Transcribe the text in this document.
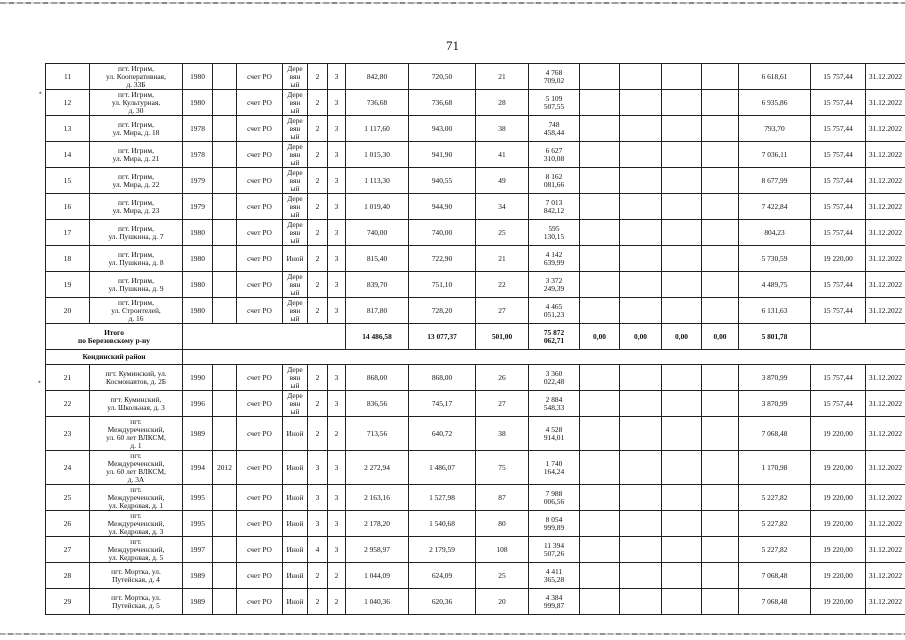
•
•
71
11	пгт. Игрим,
ул. Кооперативная,
д. 33Б	1980		счет РО	Дере
вян
ый	2	3	842,80	720,50	21	4 768
709,02					6 618,61	15 757,44	31.12.2022
12	пгт. Игрим,
ул. Культурная,
д. 30	1980		счет РО	Дере
вян
ый	2	3	736,68	736,68	28	5 109
507,55					6 935,86	15 757,44	31.12.2022
13	пгт. Игрим,
ул. Мира, д. 18	1978		счет РО	Дере
вян
ый	2	3	1 117,60	943,00	38	748
458,44					793,70	15 757,44	31.12.2022
14	пгт. Игрим,
ул. Мира, д. 21	1978		счет РО	Дере
вян
ый	2	3	1 015,30	941,90	41	6 627
310,08					7 036,11	15 757,44	31.12.2022
15	пгт. Игрим,
ул. Мира, д. 22	1979		счет РО	Дере
вян
ый	2	3	1 113,30	940,55	49	8 162
081,66					8 677,99	15 757,44	31.12.2022
16	пгт. Игрим,
ул. Мира, д. 23	1979		счет РО	Дере
вян
ый	2	3	1 019,40	944,90	34	7 013
842,12					7 422,84	15 757,44	31.12.2022
17	пгт. Игрим,
ул. Пушкина, д. 7	1980		счет РО	Дере
вян
ый	2	3	740,00	740,00	25	595
130,15					804,23	15 757,44	31.12.2022
18	пгт. Игрим,
ул. Пушкина, д. 8	1980		счет РО	Иной	2	3	815,40	722,90	21	4 142
639,99					5 730,59	19 220,00	31.12.2022
19	пгт. Игрим,
ул. Пушкина, д. 9	1980		счет РО	Дере
вян
ый	2	3	839,70	751,10	22	3 372
249,39					4 489,75	15 757,44	31.12.2022
20	пгт. Игрим,
ул. Строителей,
д. 16	1980		счет РО	Дере
вян
ый	2	3	817,80	728,20	27	4 465
051,23					6 131,63	15 757,44	31.12.2022
Итого
по Березовскому р-ну								14 486,58	13 077,37	501,00	75 872
062,71	0,00	0,00	0,00	0,00	5 801,78		
Кондинский район																		
21	пгт. Куминский, ул.
Космонавтов, д. 2Б	1990		счет РО	Дере
вян
ый	2	3	868,00	868,00	26	3 360
022,48					3 870,99	15 757,44	31.12.2022
22	пгт. Куминский,
ул. Школьная, д. 3	1996		счет РО	Дере
вян
ый	2	3	836,56	745,17	27	2 884
548,33					3 870,99	15 757,44	31.12.2022
23	пгт.
Междуреченский,
ул. 60 лет ВЛКСМ,
д. 1	1989		счет РО	Иной	2	2	713,56	640,72	38	4 528
914,01					7 068,48	19 220,00	31.12.2022
24	пгт.
Междуреченский,
ул. 60 лет ВЛКСМ,
д. 3А	1994	2012	счет РО	Иной	3	3	2 272,94	1 486,07	75	1 740
164,24					1 170,98	19 220,00	31.12.2022
25	пгт.
Междуреченский,
ул. Кедровая, д. 1	1995		счет РО	Иной	3	3	2 163,16	1 527,98	87	7 988
006,56					5 227,82	19 220,00	31.12.2022
26	пгт.
Междуреченский,
ул. Кедровая, д. 3	1995		счет РО	Иной	3	3	2 178,20	1 540,68	80	8 054
999,89					5 227,82	19 220,00	31.12.2022
27	пгт.
Междуреченский,
ул. Кедровая, д. 5	1997		счет РО	Иной	4	3	2 958,97	2 179,59	108	11 394
507,26					5 227,82	19 220,00	31.12.2022
28	пгт. Мортка, ул.
Путейская, д. 4	1989		счет РО	Иной	2	2	1 044,09	624,09	25	4 411
365,28					7 068,48	19 220,00	31.12.2022
29	пгт. Мортка, ул.
Путейская, д. 5	1989		счет РО	Иной	2	2	1 040,36	620,36	20	4 384
999,87					7 068,48	19 220,00	31.12.2022
